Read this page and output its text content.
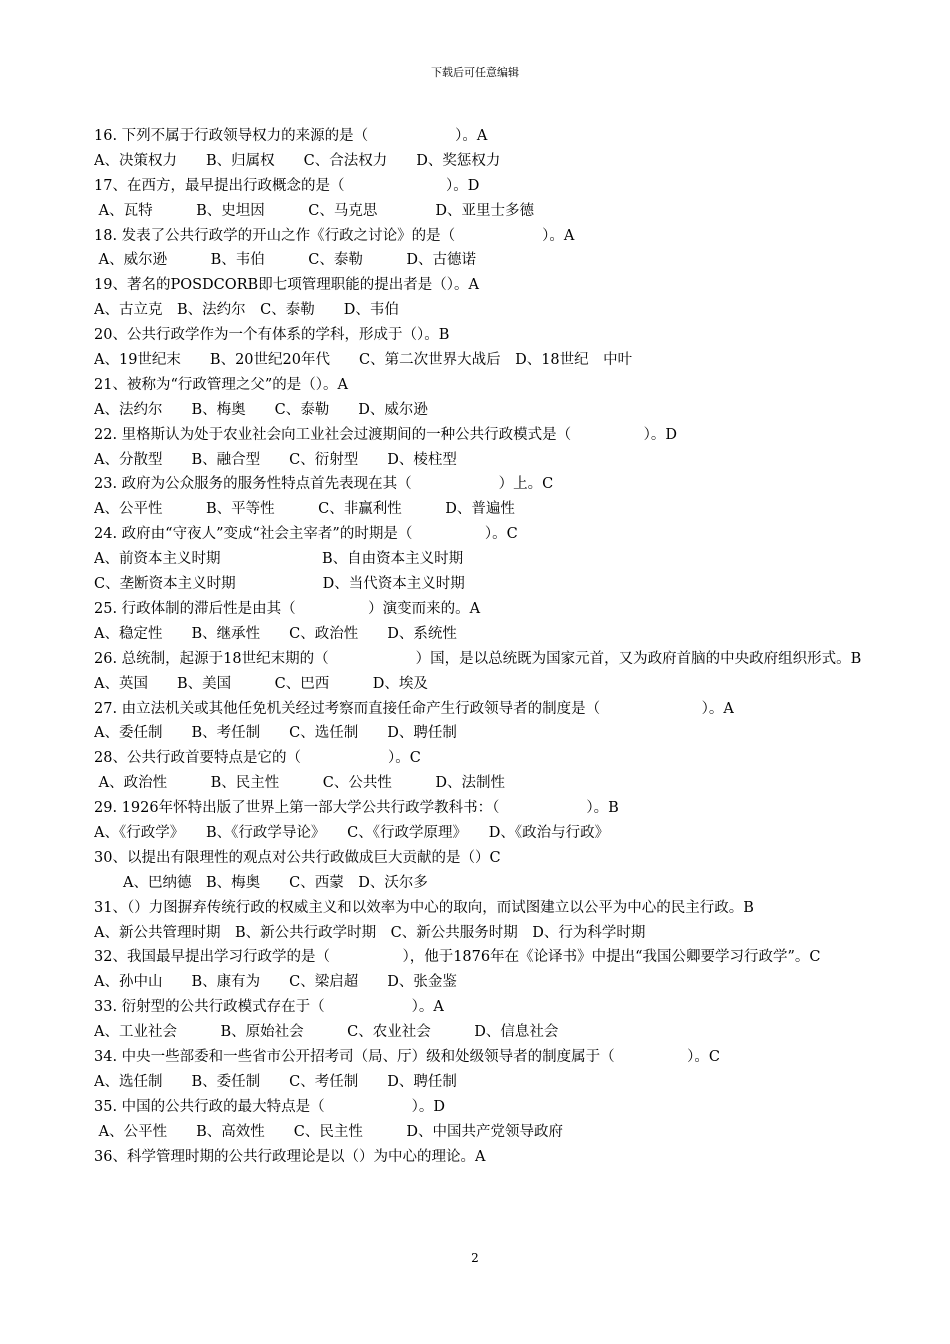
下载后可任意编辑
16. 下列不属于行政领导权力的来源的是（　　　　　　）。A
A、决策权力　　B、归属权　　C、合法权力　　D、奖惩权力
17、在西方，最早提出行政概念的是（　　　　　　　）。D
A、瓦特　　　B、史坦因　　　C、马克思　　　　D、亚里士多德
18. 发表了公共行政学的开山之作《行政之讨论》的是（　　　　　　）。A
A、威尔逊　　　B、韦伯　　　C、泰勒　　　D、古德诺
19、著名的POSDCORB即七项管理职能的提出者是（）。A
A、古立克　B、法约尔　C、泰勒　　D、韦伯
20、公共行政学作为一个有体系的学科，形成于（）。B
A、19世纪末　　B、20世纪20年代　　C、第二次世界大战后　D、18世纪　中叶
21、被称为“行政管理之父”的是（）。A
A、法约尔　　B、梅奥　　C、泰勒　　D、威尔逊
22. 里格斯认为处于农业社会向工业社会过渡期间的一种公共行政模式是（　　　　　）。D
A、分散型　　B、融合型　　C、衍射型　　D、棱柱型
23. 政府为公众服务的服务性特点首先表现在其（　　　　　　）上。C
A、公平性　　　B、平等性　　　C、非赢利性　　　D、普遍性
24. 政府由“守夜人”变成“社会主宰者”的时期是（　　　　　）。C
A、前资本主义时期　　　　　　　B、自由资本主义时期
C、垄断资本主义时期　　　　　　D、当代资本主义时期
25. 行政体制的滞后性是由其（　　　　　）演变而来的。A
A、稳定性　　B、继承性　　C、政治性　　D、系统性
26. 总统制，起源于18世纪末期的（　　　　　　）国，是以总统既为国家元首，又为政府首脑的中央政府组织形式。B
A、英国　　B、美国　　　C、巴西　　　D、埃及
27. 由立法机关或其他任免机关经过考察而直接任命产生行政领导者的制度是（　　　　　　　）。A
A、委任制　　B、考任制　　C、选任制　　D、聘任制
28、公共行政首要特点是它的（　　　　　　）。C
A、政治性　　　B、民主性　　　C、公共性　　　D、法制性
29. 1926年怀特出版了世界上第一部大学公共行政学教科书：（　　　　　　）。B
A、《行政学》　　B、《行政学导论》　　C、《行政学原理》　　D、《政治与行政》
30、以提出有限理性的观点对公共行政做成巨大贡献的是（）C
　　A、巴纳德　B、梅奥　　C、西蒙　D、沃尔多
31、（）力图摒弃传统行政的权威主义和以效率为中心的取向，而试图建立以公平为中心的民主行政。B
A、新公共管理时期　B、新公共行政学时期　C、新公共服务时期　D、行为科学时期
32、我国最早提出学习行政学的是（　　　　　），他于1876年在《论译书》中提出“我国公卿要学习行政学”。C
A、孙中山　　B、康有为　　C、梁启超　　D、张金鉴
33. 衍射型的公共行政模式存在于（　　　　　　）。A
A、工业社会　　　B、原始社会　　　C、农业社会　　　D、信息社会
34. 中央一些部委和一些省市公开招考司（局、厅）级和处级领导者的制度属于（　　　　　）。C
A、选任制　　B、委任制　　C、考任制　　D、聘任制
35. 中国的公共行政的最大特点是（　　　　　　）。D
A、公平性　　B、高效性　　C、民主性　　　D、中国共产党领导政府
36、科学管理时期的公共行政理论是以（）为中心的理论。A
2
